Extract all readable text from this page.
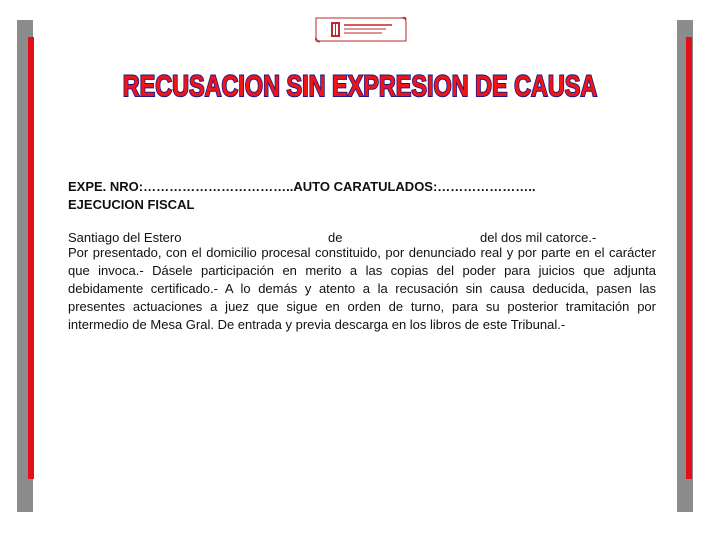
RECUSACION SIN EXPRESION DE CAUSA
EXPE. NRO:……………………………..AUTO CARATULADOS:…………………..
EJECUCION FISCAL
Santiago del Estero	de	del dos mil catorce.-
Por presentado, con el domicilio procesal constituido, por denunciado real y por parte en el carácter que invoca.- Dásele participación en merito a las copias del poder para juicios que adjunta debidamente certificado.- A lo demás y atento a la recusación sin causa deducida, pasen las presentes actuaciones a juez que sigue en orden de turno, para su posterior tramitación por intermedio de Mesa Gral. De entrada y previa descarga en los libros de este Tribunal.-
